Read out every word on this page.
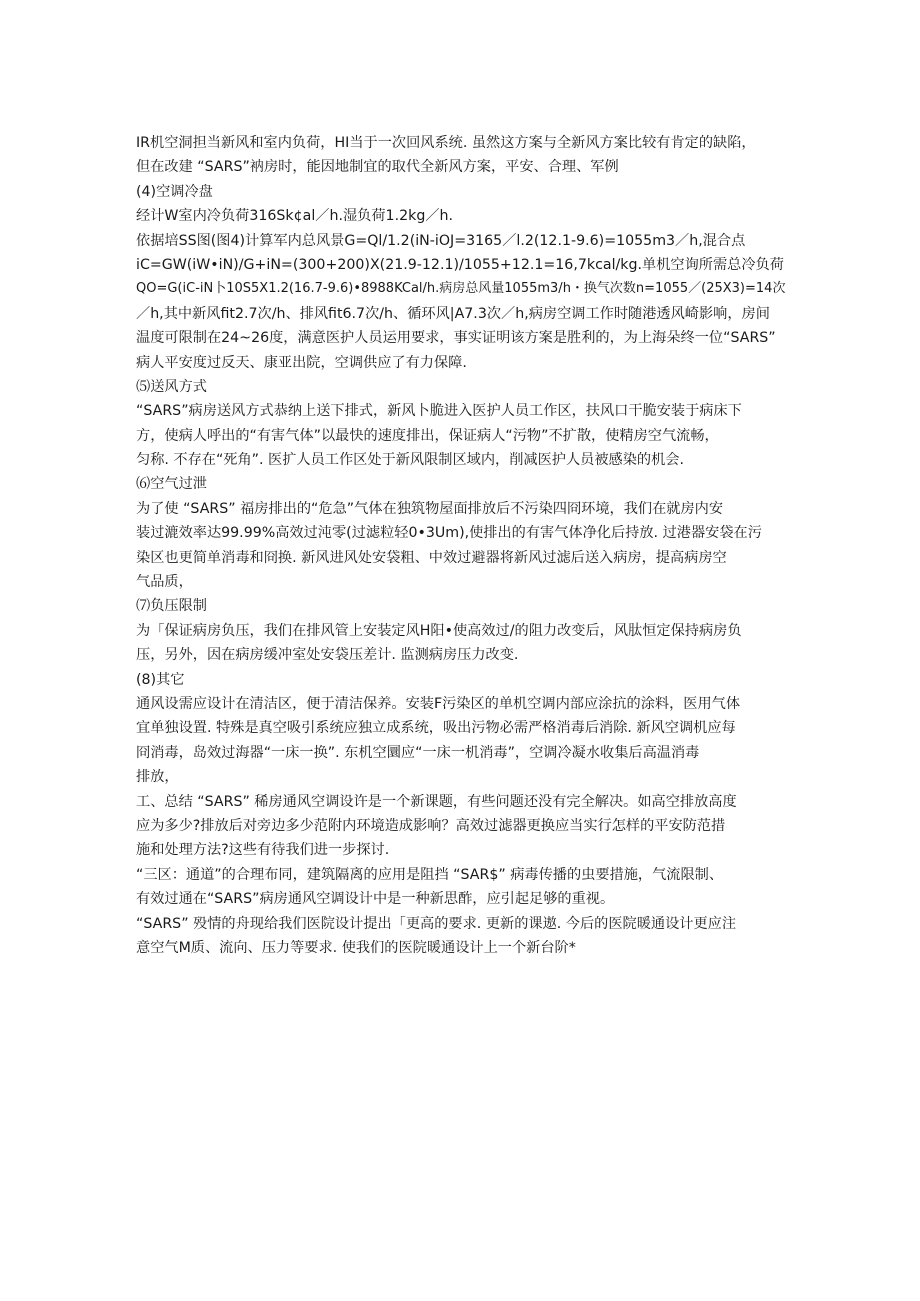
IR机空洞担当新风和室内负荷，HI当于一次回风系统. 虽然这方案与全新风方案比较有肯定的缺陷，
但在改建 “SARS”衲房时，能因地制宜的取代全新风方案，平安、合理、军例
(4)空调冷盘
经计W室内冷负荷316Sk¢al／h.湿负荷1.2kg／h.
依据培SS图(图4)计算军内总风景G=Ql/1.2(iN-iOJ=3165／l.2(12.1-9.6)=1055m3／h,混合点
iC=GW(iW•iN)/G+iN=(300+200)X(21.9-12.1)/1055+12.1=16,7kcal/kg.单机空询所需总冷负荷
QO=G(iC-iN卜10S5X1.2(16.7-9.6)•8988KCal/h.病房总风量1055m3/h・换气次数n=1055／(25X3)=14次
／h,其中新风fit2.7次/h、排风fit6.7次/h、循环风|A7.3次／h,病房空调工作时随港透风崎影响，房间
温度可限制在24~26度，满意医护人员运用要求，事实证明该方案是胜利的，为上海朵终一位“SARS”
病人平安度过反天、康亚出院，空调供应了有力保障.
⑸送风方式
“SARS”病房送风方式恭纳上送下排式，新风卜脆进入医护人员工作区，扶风口干脆安装于病床下
方，使病人呼出的“有害气体”以最快的速度排出，保证病人“污物”不扩散，使精房空气流畅，
匀称. 不存在“死角”. 医扩人员工作区处于新风限制区域内，削减医护人员被感染的机会.
⑹空气过泄
为了使 “SARS” 福房排出的“危急”气体在独筑物屋面排放后不污染四冏环境，我们在就房内安
装过漉效率达99.99%高效过沌零(过滤粒轻0•3Um),使排出的有害气体净化后持放. 过港器安袋在污
染区也更简单消毒和冏换. 新风进风处安袋粗、中效过避器将新风过滤后送入病房，提高病房空
气品质，
⑺负压限制
为「保证病房负压，我们在排风管上安装定风H阳•使高效过/的阻力改变后，风肽恒定保持病房负
压，另外，因在病房缓冲室处安袋压差计. 监测病房压力改变.
(8)其它
通风设需应设计在清洁区，便于清洁保养。安装F污染区的单机空调内部应涂抗的涂料，医用气体
宜单独设置. 特殊是真空吸引系统应独立成系统，吸出污物必需严格消毒后消除. 新风空调机应每
冏消毒，岛效过海器“一床一换”. 东机空圜应“一床一机消毒”，空调冷凝水收集后高温消毒
排放，
工、总结 “SARS” 稀房通风空调设许是一个新课题，有些问题还没有完全解决。如高空排放高度
应为多少?排放后对旁边多少范附内环境造成影响？高效过滤器更换应当实行怎样的平安防范措
施和处理方法?这些有待我们进一步探讨.
“三区：通道”的合理布同，建筑隔离的应用是阻挡 “SAR$” 病毒传播的虫要措施，气流限制、
有效过通在“SARS”病房通风空调设计中是一种新思酢，应引起足够的重视。
“SARS” 殁情的舟现给我们医院设计提出「更高的要求. 更新的课遨. 今后的医院暖通设计更应注
意空气M质、流向、压力等要求. 使我们的医院暖通设计上一个新台阶*
